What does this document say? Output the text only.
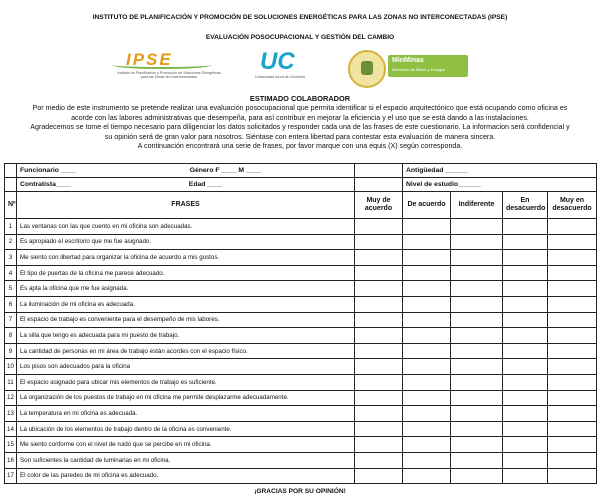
INSTITUTO DE PLANIFICACIÓN Y PROMOCIÓN DE SOLUCIONES ENERGÉTICAS PARA LAS ZONAS NO INTERCONECTADAS (IPSE)
EVALUACIÓN POSOCUPACIONAL Y GESTIÓN DEL CAMBIO
IPSE
Instituto de Planificación y Promoción de Soluciones Energéticas para las Zonas No Interconectadas
UC
Universidad Incca de Colombia
MinMinas
Ministerio de Minas y Energía
ESTIMADO COLABORADOR
Por medio de este instrumento se pretende realizar una evaluación posocupacional que permita identificar si el espacio arquitectónico que está ocupando como oficina es
acorde con las labores administrativas que desempeña, para así contribuir en mejorar la eficiencia y el uso que se está dando a las instalaciones.
Agradecemos se tome el tiempo necesario para diligenciar los datos solicitados y responder cada una de las frases de este cuestionario. La informacion será confidencial y
su opinión será de gran valor para nosotros. Siéntase con entera libertad para contestar esta evaluación de manera sincera.
A continuación encontrará una serie de frases, por favor marque con una equis (X) según corresponda.
	Funcionario ____ Género F ____ M ____		Antigüedad ______			
	Contratista____ Edad ____		Nivel de estudio______			
Nº	FRASES	Muy de acuerdo	De acuerdo	Indiferente	En desacuerdo	Muy en desacuerdo
1	Las ventanas con las que cuento en mi oficina son adecuadas.					
2	Es apropiado el escritorio que me fue asignado.					
3	Me siento con libertad para organizar la oficina de acuerdo a mis gustos.					
4	El tipo de puertas de la oficina me parece adecuado.					
5	Es apta la oficina que me fue asignada.					
6	La iluminación de mi oficina es adecuada.					
7	El espacio de trabajo es conveniente para el desempeño de mis labores.					
8	La silla que tengo es adecuada para mi puesto de trabajo.					
9	La cantidad de personas en mi área de trabajo están acordes con el espacio físico.					
10	Los pisos son adecuados para la oficina					
11	El espacio asignado para ubicar mis elementos de trabajo es suficiente.					
12	La organización de los puestos de trabajo en mi oficina me permite desplazarme adecuadamente.					
13	La temperatura en mi oficina es adecuada.					
14	La ubicación de los elementos de trabajo dentro de la oficina es conveniente.					
15	Me siento conforme con el nivel de ruido que se percibe en mi oficina.					
16	Son suficientes la cantidad de luminarias en mi oficina.					
17	El color de las paredes de mi oficina es adecuado.					
¡GRACIAS POR SU OPINIÓN!
